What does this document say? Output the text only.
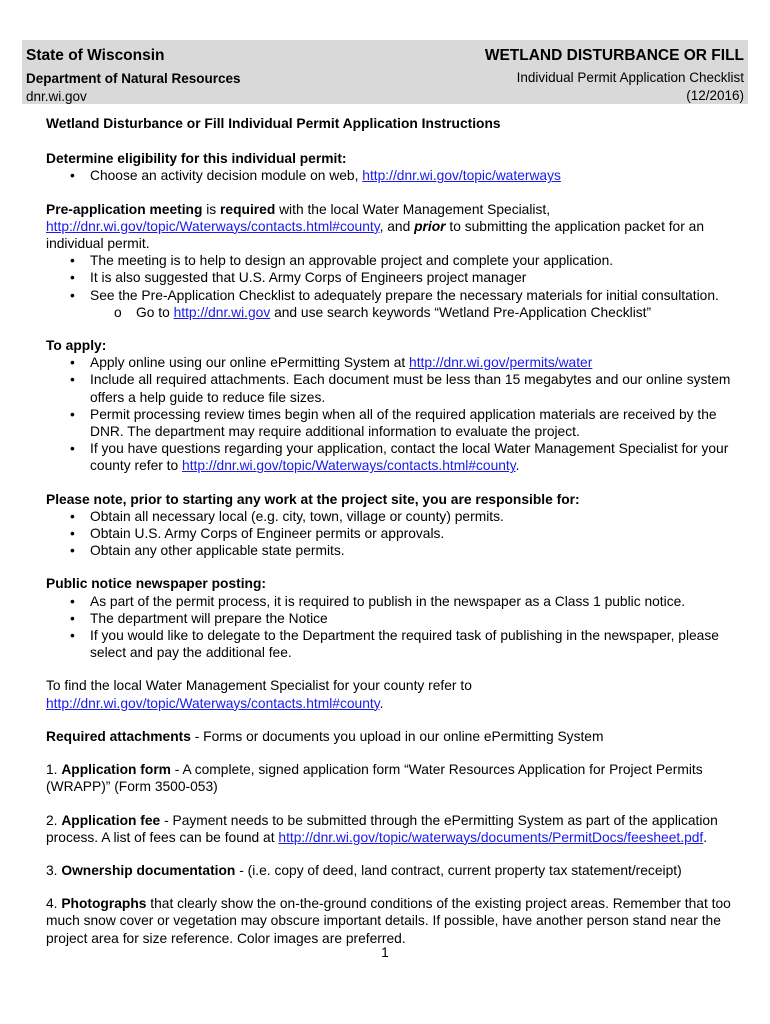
State of Wisconsin
Department of Natural Resources
dnr.wi.gov
WETLAND DISTURBANCE OR FILL
Individual Permit Application Checklist
(12/2016)

Wetland Disturbance or Fill Individual Permit Application Instructions

Determine eligibility for this individual permit:

• Choose an activity decision module on web, http://dnr.wi.gov/topic/waterways

Pre-application meeting is required with the local Water Management Specialist,
http://dnr.wi.gov/topic/Waterways/contacts.html#county, and prior to submitting the application packet for an individual permit.

• The meeting is to help to design an approvable project and complete your application.
• It is also suggested that U.S. Army Corps of Engineers project manager
• See the Pre-Application Checklist to adequately prepare the necessary materials for initial consultation.
o Go to http://dnr.wi.gov and use search keywords “Wetland Pre-Application Checklist”

To apply:

• Apply online using our online ePermitting System at http://dnr.wi.gov/permits/water
• Include all required attachments. Each document must be less than 15 megabytes and our online system offers a help guide to reduce file sizes.
• Permit processing review times begin when all of the required application materials are received by the DNR. The department may require additional information to evaluate the project.
• If you have questions regarding your application, contact the local Water Management Specialist for your county refer to http://dnr.wi.gov/topic/Waterways/contacts.html#county.

Please note, prior to starting any work at the project site, you are responsible for:

• Obtain all necessary local (e.g. city, town, village or county) permits.
• Obtain U.S. Army Corps of Engineer permits or approvals.
• Obtain any other applicable state permits.

Public notice newspaper posting:

• As part of the permit process, it is required to publish in the newspaper as a Class 1 public notice.
• The department will prepare the Notice
• If you would like to delegate to the Department the required task of publishing in the newspaper, please select and pay the additional fee.

To find the local Water Management Specialist for your county refer to
http://dnr.wi.gov/topic/Waterways/contacts.html#county.

Required attachments - Forms or documents you upload in our online ePermitting System

1. Application form - A complete, signed application form “Water Resources Application for Project Permits (WRAPP)” (Form 3500-053)

2. Application fee - Payment needs to be submitted through the ePermitting System as part of the application process. A list of fees can be found at http://dnr.wi.gov/topic/waterways/documents/PermitDocs/feesheet.pdf.

3. Ownership documentation - (i.e. copy of deed, land contract, current property tax statement/receipt)

4. Photographs that clearly show the on-the-ground conditions of the existing project areas. Remember that too much snow cover or vegetation may obscure important details. If possible, have another person stand near the project area for size reference. Color images are preferred.

1
